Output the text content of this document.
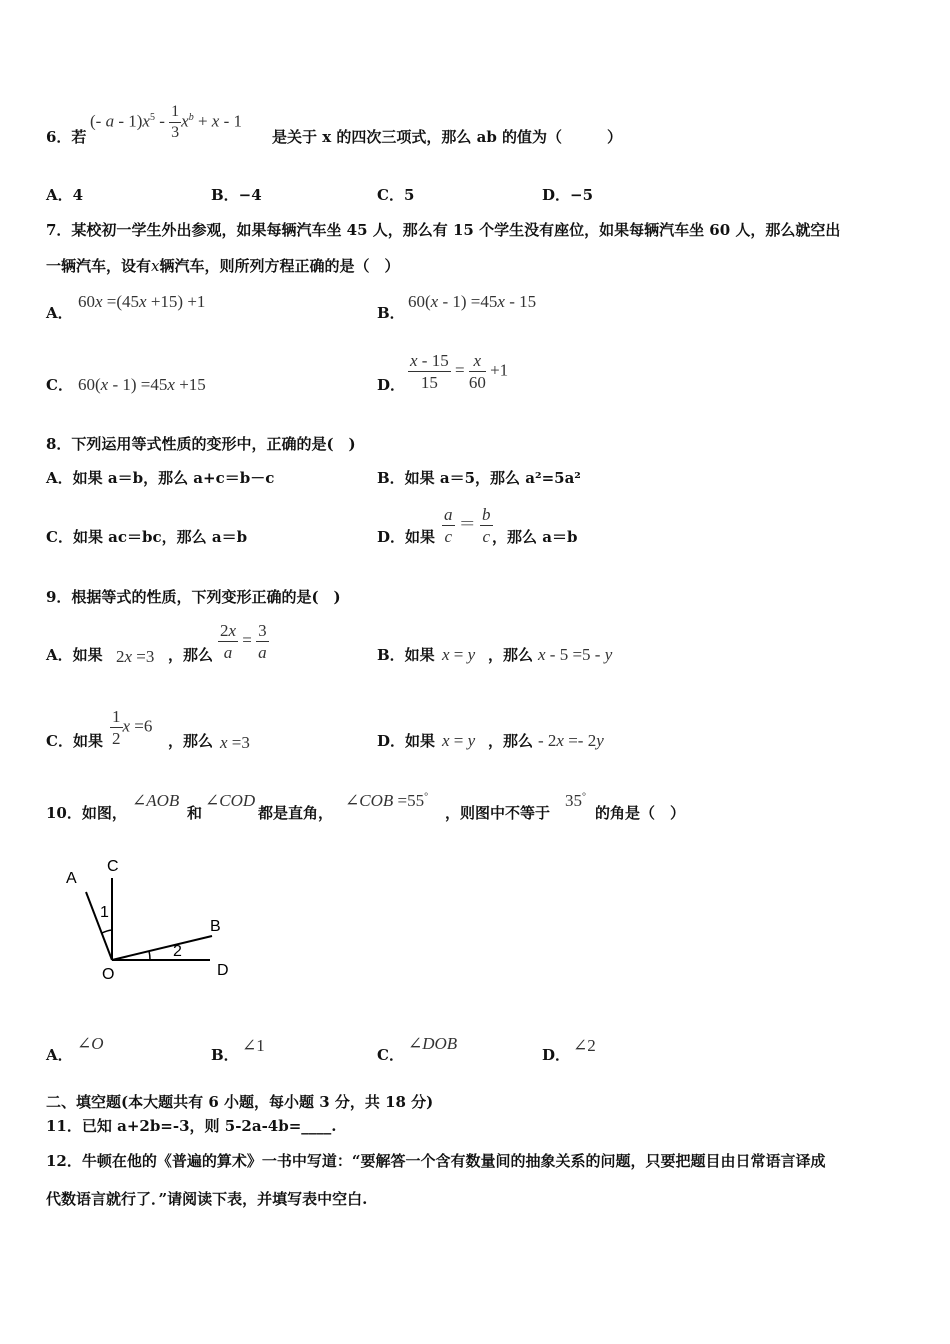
6．若
(- $a - 1)x^5 - \frac{1}{3} x^b + x - 1$
是关于 x 的四次三项式，那么 ab 的值为（　　　）
A．4	B．−4	C．5	D．−5
7．某校初一学生外出参观，如果每辆汽车坐 45 人，那么有 15 个学生没有座位，如果每辆汽车坐 60 人，那么就空出
一辆汽车，设有x辆汽车，则所列方程正确的是（　）
A．
60x =(45x +15) +1
B．
60(x - 1) =45x - 15
C． 60(x - 1) =45x +15	D． $\frac{x - 15}{15} = \frac{x}{60} +1$
8．下列运用等式性质的变形中，正确的是(　)
A．如果 a＝b，那么 a+c＝b－c	B．如果 a＝5，那么 a²=5a²
C．如果 ac＝bc，那么 a＝b	D．如果 $\frac{a}{c} = \frac{b}{c}$ ，那么 a＝b
9．根据等式的性质，下列变形正确的是(　)
A．如果 2x =3 ，那么 $\frac{2x}{a} = \frac{3}{a}$	B．如果 x = y ，那么 x - 5 =5 - y
C．如果 $\frac{1}{2}$ x =6
，那么 x =3	D．如果 x = y ，那么 - 2x =- 2y
10．如图，
∠AOB
和
∠COD
都是直角，
∠COB =55°
，则图中不等于
35°
的角是（　）
A
C
1
B
2
O	D
A．
∠O
B． ∠1	C．
∠DOB
D． ∠2
二、填空题(本大题共有 6 小题，每小题 3 分，共 18 分)
11．已知 a+2b=-3，则 5-2a-4b=____.
12．牛顿在他的《普遍的算术》一书中写道：“要解答一个含有数量间的抽象关系的问题，只要把题目由日常语言译成
代数语言就行了．”请阅读下表，并填写表中空白.
